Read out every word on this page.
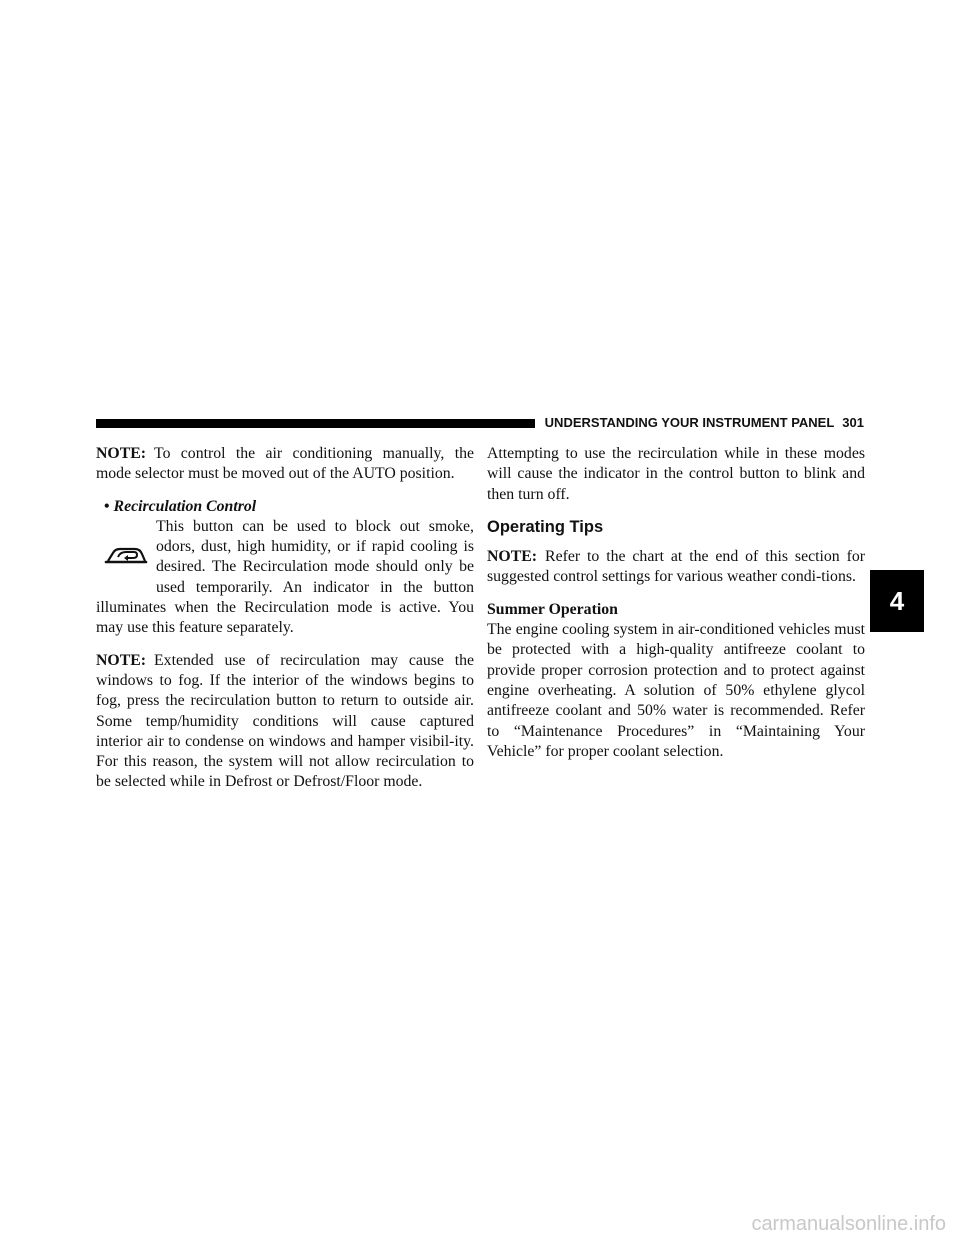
UNDERSTANDING YOUR INSTRUMENT PANEL 301

NOTE: To control the air conditioning manually, the mode selector must be moved out of the AUTO position.

• Recirculation Control

This button can be used to block out smoke, odors, dust, high humidity, or if rapid cooling is desired. The Recirculation mode should only be used temporarily. An indicator in the button illuminates when the Recirculation mode is active. You may use this feature separately.

NOTE: Extended use of recirculation may cause the windows to fog. If the interior of the windows begins to fog, press the recirculation button to return to outside air. Some temp/humidity conditions will cause captured interior air to condense on windows and hamper visibil-ity. For this reason, the system will not allow recirculation to be selected while in Defrost or Defrost/Floor mode.

Attempting to use the recirculation while in these modes will cause the indicator in the control button to blink and then turn off.

Operating Tips

NOTE: Refer to the chart at the end of this section for suggested control settings for various weather condi-tions.

Summer Operation

The engine cooling system in air-conditioned vehicles must be protected with a high-quality antifreeze coolant to provide proper corrosion protection and to protect against engine overheating. A solution of 50% ethylene glycol antifreeze coolant and 50% water is recommended. Refer to “Maintenance Procedures” in “Maintaining Your Vehicle” for proper coolant selection.

4
carmanualsonline.info
